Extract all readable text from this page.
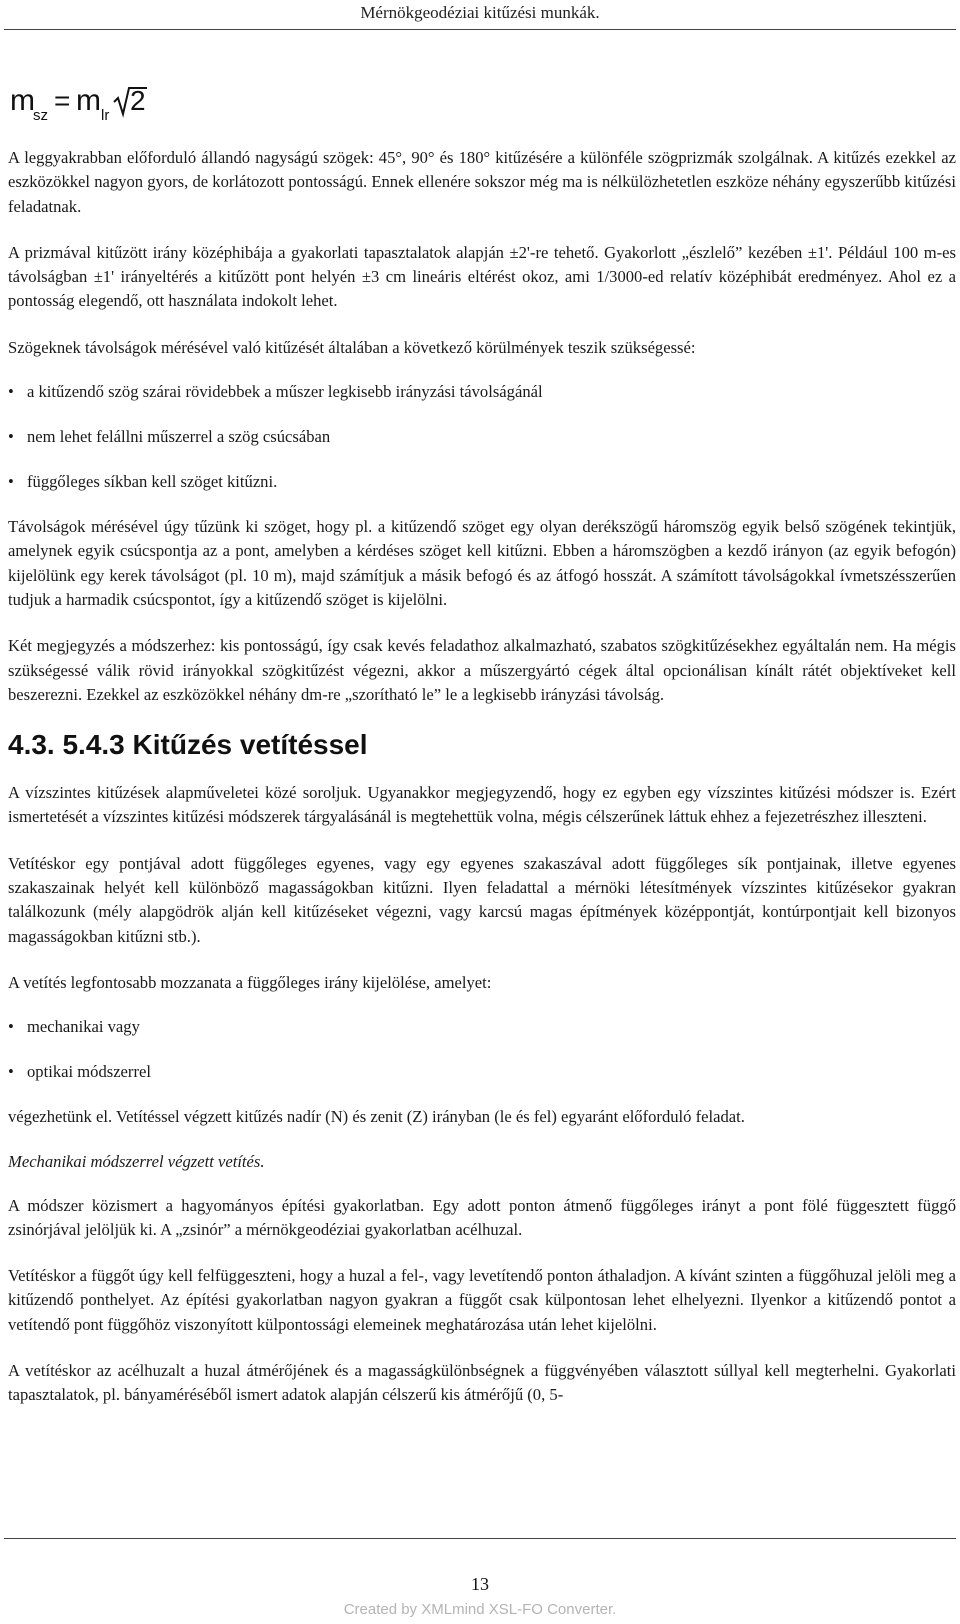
Mérnökgeodéziai kitűzési munkák.
m
sz = m lr 2

A leggyakrabban előforduló állandó nagyságú szögek: 45°, 90° és 180° kitűzésére a különféle szögprizmák szolgálnak. A kitűzés ezekkel az eszközökkel nagyon gyors, de korlátozott pontosságú. Ennek ellenére sokszor még ma is nélkülözhetetlen eszköze néhány egyszerűbb kitűzési feladatnak.

A prizmával kitűzött irány középhibája a gyakorlati tapasztalatok alapján ±2'-re tehető. Gyakorlott „észlelő” kezében ±1'. Például 100 m-es távolságban ±1' irányeltérés a kitűzött pont helyén ±3 cm lineáris eltérést okoz, ami 1/3000-ed relatív középhibát eredményez. Ahol ez a pontosság elegendő, ott használata indokolt lehet.

Szögeknek távolságok mérésével való kitűzését általában a következő körülmények teszik szükségessé:

• a kitűzendő szög szárai rövidebbek a műszer legkisebb irányzási távolságánál
• nem lehet felállni műszerrel a szög csúcsában
• függőleges síkban kell szöget kitűzni.

Távolságok mérésével úgy tűzünk ki szöget, hogy pl. a kitűzendő szöget egy olyan derékszögű háromszög egyik belső szögének tekintjük, amelynek egyik csúcspontja az a pont, amelyben a kérdéses szöget kell kitűzni. Ebben a háromszögben a kezdő irányon (az egyik befogón) kijelölünk egy kerek távolságot (pl. 10 m), majd számítjuk a másik befogó és az átfogó hosszát. A számított távolságokkal ívmetszésszerűen tudjuk a harmadik csúcspontot, így a kitűzendő szöget is kijelölni.

Két megjegyzés a módszerhez: kis pontosságú, így csak kevés feladathoz alkalmazható, szabatos szögkitűzésekhez egyáltalán nem. Ha mégis szükségessé válik rövid irányokkal szögkitűzést végezni, akkor a műszergyártó cégek által opcionálisan kínált rátét objektíveket kell beszerezni. Ezekkel az eszközökkel néhány dm-re „szorítható le” le a legkisebb irányzási távolság.

4.3. 5.4.3 Kitűzés vetítéssel

A vízszintes kitűzések alapműveletei közé soroljuk. Ugyanakkor megjegyzendő, hogy ez egyben egy vízszintes kitűzési módszer is. Ezért ismertetését a vízszintes kitűzési módszerek tárgyalásánál is megtehettük volna, mégis célszerűnek láttuk ehhez a fejezetrészhez illeszteni.

Vetítéskor egy pontjával adott függőleges egyenes, vagy egy egyenes szakaszával adott függőleges sík pontjainak, illetve egyenes szakaszainak helyét kell különböző magasságokban kitűzni. Ilyen feladattal a mérnöki létesítmények vízszintes kitűzésekor gyakran találkozunk (mély alapgödrök alján kell kitűzéseket végezni, vagy karcsú magas építmények középpontját, kontúrpontjait kell bizonyos magasságokban kitűzni stb.).

A vetítés legfontosabb mozzanata a függőleges irány kijelölése, amelyet:

• mechanikai vagy
• optikai módszerrel

végezhetünk el. Vetítéssel végzett kitűzés nadír (N) és zenit (Z) irányban (le és fel) egyaránt előforduló feladat.

Mechanikai módszerrel végzett vetítés.

A módszer közismert a hagyományos építési gyakorlatban. Egy adott ponton átmenő függőleges irányt a pont fölé függesztett függő zsinórjával jelöljük ki. A „zsinór” a mérnökgeodéziai gyakorlatban acélhuzal.

Vetítéskor a függőt úgy kell felfüggeszteni, hogy a huzal a fel-, vagy levetítendő ponton áthaladjon. A kívánt szinten a függőhuzal jelöli meg a kitűzendő ponthelyet. Az építési gyakorlatban nagyon gyakran a függőt csak külpontosan lehet elhelyezni. Ilyenkor a kitűzendő pontot a vetítendő pont függőhöz viszonyított külpontossági elemeinek meghatározása után lehet kijelölni.

A vetítéskor az acélhuzalt a huzal átmérőjének és a magasságkülönbségnek a függvényében választott súllyal kell megterhelni. Gyakorlati tapasztalatok, pl. bányaméréséből ismert adatok alapján célszerű kis átmérőjű (0, 5-

13
Created by XMLmind XSL-FO Converter.
